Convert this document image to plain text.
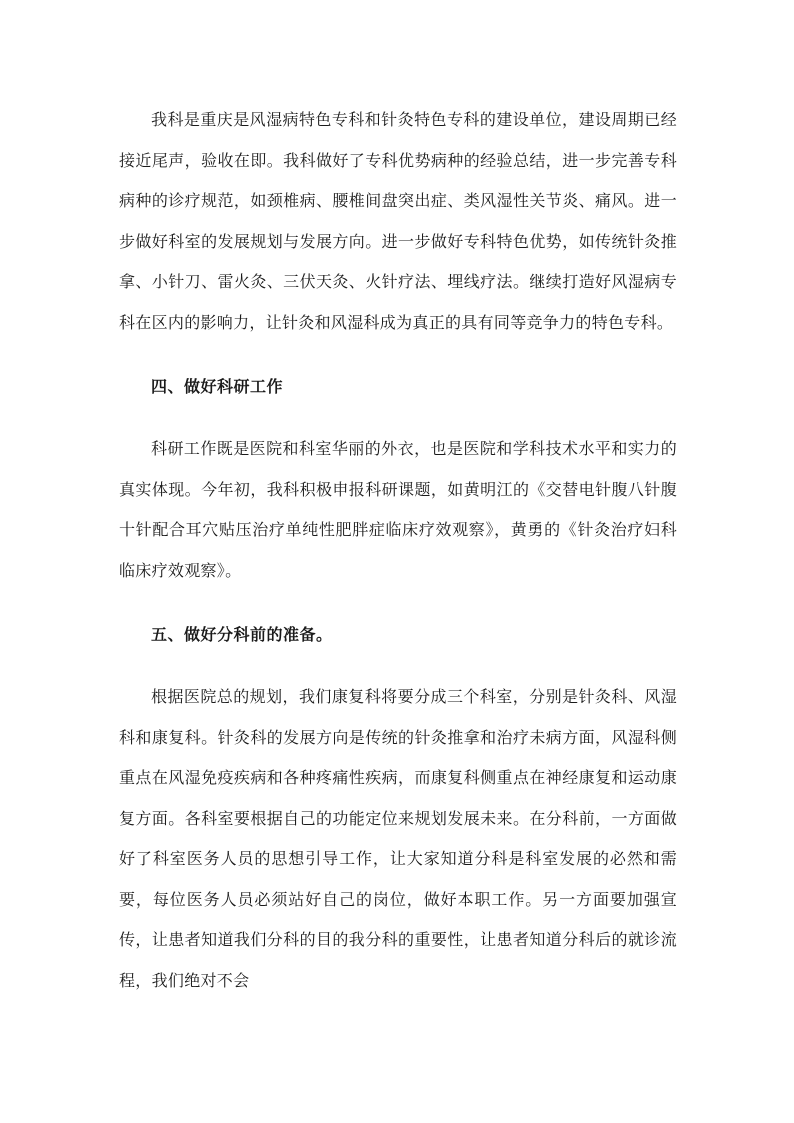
我科是重庆是风湿病特色专科和针灸特色专科的建设单位，建设周期已经接近尾声，验收在即。我科做好了专科优势病种的经验总结，进一步完善专科病种的诊疗规范，如颈椎病、腰椎间盘突出症、类风湿性关节炎、痛风。进一步做好科室的发展规划与发展方向。进一步做好专科特色优势，如传统针灸推拿、小针刀、雷火灸、三伏天灸、火针疗法、埋线疗法。继续打造好风湿病专科在区内的影响力，让针灸和风湿科成为真正的具有同等竞争力的特色专科。

四、做好科研工作

科研工作既是医院和科室华丽的外衣，也是医院和学科技术水平和实力的真实体现。今年初，我科积极申报科研课题，如黄明江的《交替电针腹八针腹十针配合耳穴贴压治疗单纯性肥胖症临床疗效观察》，黄勇的《针灸治疗妇科临床疗效观察》。

五、做好分科前的准备。

根据医院总的规划，我们康复科将要分成三个科室，分别是针灸科、风湿科和康复科。针灸科的发展方向是传统的针灸推拿和治疗未病方面，风湿科侧重点在风湿免疫疾病和各种疼痛性疾病，而康复科侧重点在神经康复和运动康复方面。各科室要根据自己的功能定位来规划发展未来。在分科前，一方面做好了科室医务人员的思想引导工作，让大家知道分科是科室发展的必然和需要，每位医务人员必须站好自己的岗位，做好本职工作。另一方面要加强宣传，让患者知道我们分科的目的我分科的重要性，让患者知道分科后的就诊流程，我们绝对不会
